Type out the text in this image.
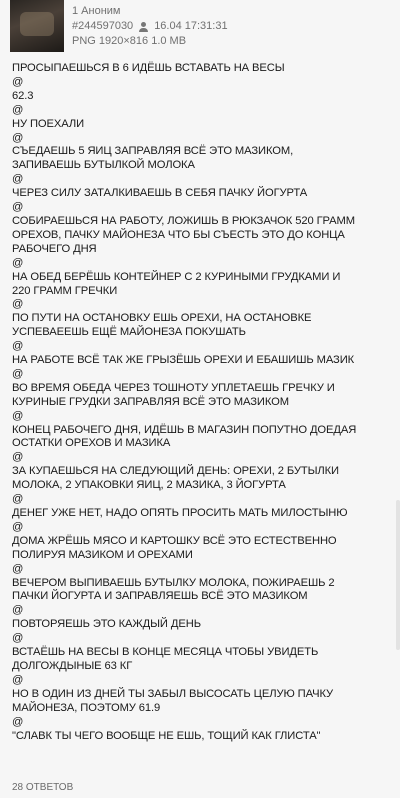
1 Аноним
#244597030 16.04 17:31:31
PNG 1920×816 1.0 MB

ПРОСЫПАЕШЬСЯ В 6 ИДЁШЬ ВСТАВАТЬ НА ВЕСЫ

@

62.3

@

НУ ПОЕХАЛИ

@

СЪЕДАЕШЬ 5 ЯИЦ ЗАПРАВЛЯЯ ВСЁ ЭТО МАЗИКОМ,

ЗАПИВАЕШЬ БУТЫЛКОЙ МОЛОКА

@

ЧЕРЕЗ СИЛУ ЗАТАЛКИВАЕШЬ В СЕБЯ ПАЧКУ ЙОГУРТА

@

СОБИРАЕШЬСЯ НА РАБОТУ, ЛОЖИШЬ В РЮКЗАЧОК 520 ГРАММ

ОРЕХОВ, ПАЧКУ МАЙОНЕЗА ЧТО БЫ СЪЕСТЬ ЭТО ДО КОНЦА

РАБОЧЕГО ДНЯ

@

НА ОБЕД БЕРЁШЬ КОНТЕЙНЕР С 2 КУРИНЫМИ ГРУДКАМИ И

220 ГРАММ ГРЕЧКИ

@

ПО ПУТИ НА ОСТАНОВКУ ЕШЬ ОРЕХИ, НА ОСТАНОВКЕ

УСПЕВАЕЕШЬ ЕЩЁ МАЙОНЕЗА ПОКУШАТЬ

@

НА РАБОТЕ ВСЁ ТАК ЖЕ ГРЫЗЁШЬ ОРЕХИ И ЕБАШИШЬ МАЗИК

@

ВО ВРЕМЯ ОБЕДА ЧЕРЕЗ ТОШНОТУ УПЛЕТАЕШЬ ГРЕЧКУ И

КУРИНЫЕ ГРУДКИ ЗАПРАВЛЯЯ ВСЁ ЭТО МАЗИКОМ

@

КОНЕЦ РАБОЧЕГО ДНЯ, ИДЁШЬ В МАГАЗИН ПОПУТНО ДОЕДАЯ

ОСТАТКИ ОРЕХОВ И МАЗИКА

@

ЗА КУПАЕШЬСЯ НА СЛЕДУЮЩИЙ ДЕНЬ: ОРЕХИ, 2 БУТЫЛКИ

МОЛОКА, 2 УПАКОВКИ ЯИЦ, 2 МАЗИКА, 3 ЙОГУРТА

@

ДЕНЕГ УЖЕ НЕТ, НАДО ОПЯТЬ ПРОСИТЬ МАТЬ МИЛОСТЫНЮ

@

ДОМА ЖРЁШЬ МЯСО И КАРТОШКУ ВСЁ ЭТО ЕСТЕСТВЕННО

ПОЛИРУЯ МАЗИКОМ И ОРЕХАМИ

@

ВЕЧЕРОМ ВЫПИВАЕШЬ БУТЫЛКУ МОЛОКА, ПОЖИРАЕШЬ 2

ПАЧКИ ЙОГУРТА И ЗАПРАВЛЯЕШЬ ВСЁ ЭТО МАЗИКОМ

@

ПОВТОРЯЕШЬ ЭТО КАЖДЫЙ ДЕНЬ

@

ВСТАЁШЬ НА ВЕСЫ В КОНЦЕ МЕСЯЦА ЧТОБЫ УВИДЕТЬ

ДОЛГОЖДЫНЫЕ 63 КГ

@

НО В ОДИН ИЗ ДНЕЙ ТЫ ЗАБЫЛ ВЫСОСАТЬ ЦЕЛУЮ ПАЧКУ

МАЙОНЕЗА, ПОЭТОМУ 61.9

@

"СЛАВК ТЫ ЧЕГО ВООБЩЕ НЕ ЕШЬ, ТОЩИЙ КАК ГЛИСТА"

28 ОТВЕТОВ
